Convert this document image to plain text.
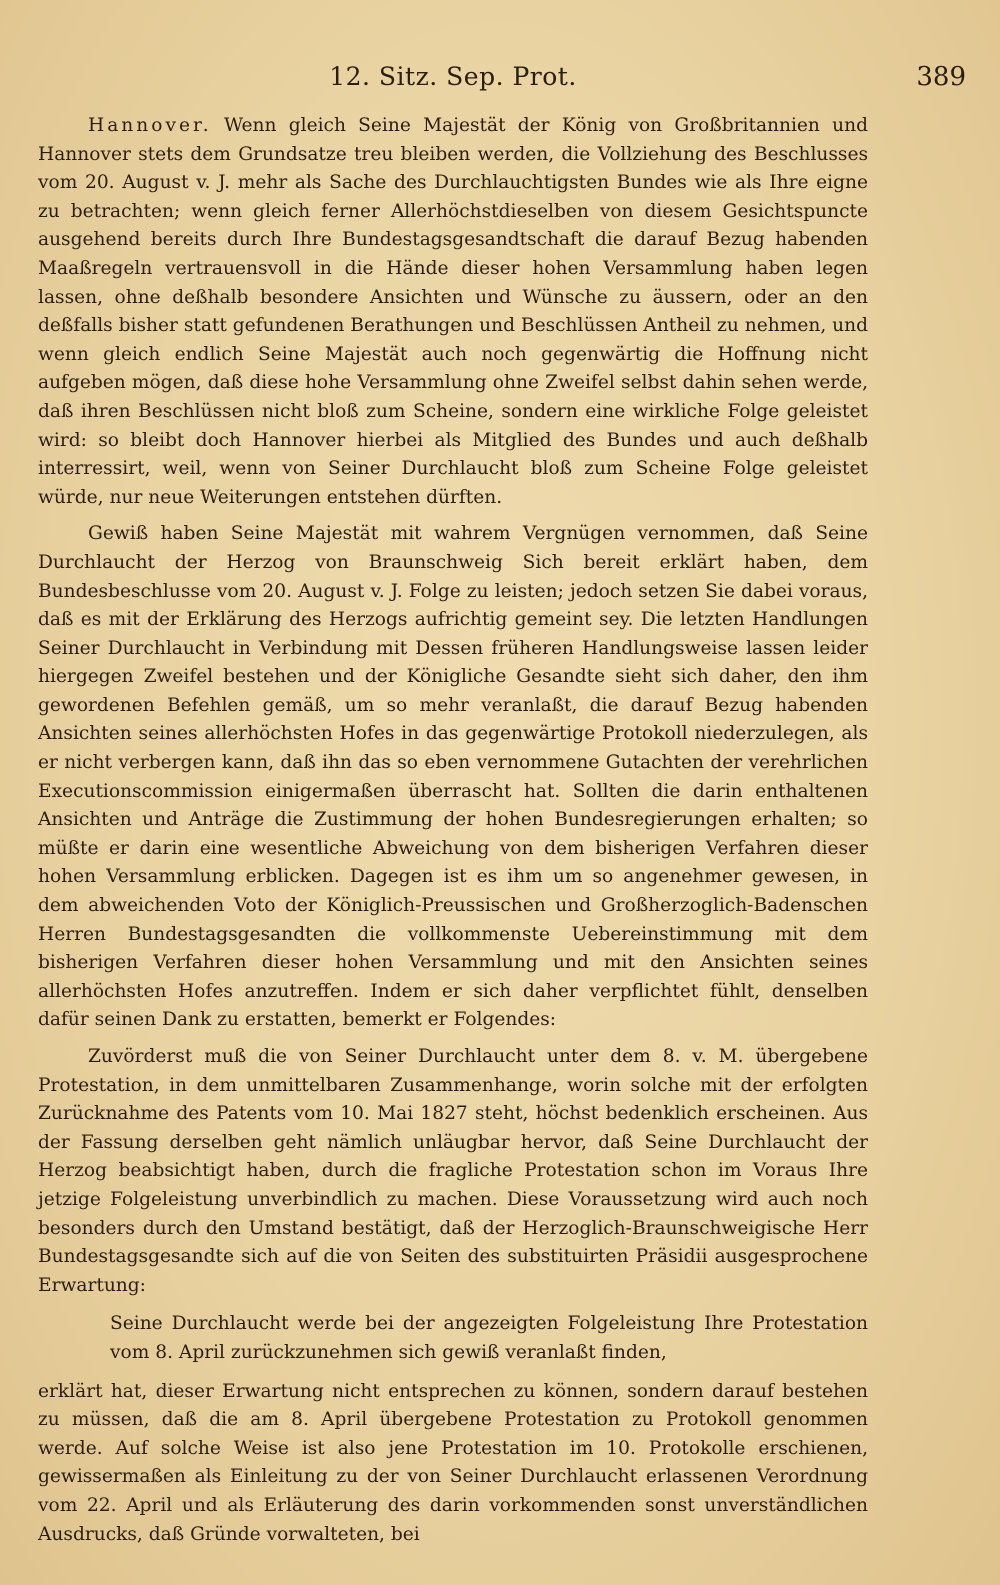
12. Sitz. Sep. Prot.	389

Hannover. Wenn gleich Seine Majestät der König von Großbritannien und Hannover stets dem Grundsatze treu bleiben werden, die Vollziehung des Beschlusses vom 20. August v. J. mehr als Sache des Durchlauchtigsten Bundes wie als Ihre eigne zu betrachten; wenn gleich ferner Allerhöchstdieselben von diesem Gesichtspuncte ausgehend bereits durch Ihre Bundestagsgesandtschaft die darauf Bezug habenden Maaßregeln vertrauensvoll in die Hände dieser hohen Versammlung haben legen lassen, ohne deßhalb besondere Ansichten und Wünsche zu äussern, oder an den deßfalls bisher statt gefundenen Berathungen und Beschlüssen Antheil zu nehmen, und wenn gleich endlich Seine Majestät auch noch gegenwärtig die Hoffnung nicht aufgeben mögen, daß diese hohe Versammlung ohne Zweifel selbst dahin sehen werde, daß ihren Beschlüssen nicht bloß zum Scheine, sondern eine wirkliche Folge geleistet wird: so bleibt doch Hannover hierbei als Mitglied des Bundes und auch deßhalb interressirt, weil, wenn von Seiner Durchlaucht bloß zum Scheine Folge geleistet würde, nur neue Weiterungen entstehen dürften.

Gewiß haben Seine Majestät mit wahrem Vergnügen vernommen, daß Seine Durchlaucht der Herzog von Braunschweig Sich bereit erklärt haben, dem Bundesbeschlusse vom 20. August v. J. Folge zu leisten; jedoch setzen Sie dabei voraus, daß es mit der Erklärung des Herzogs aufrichtig gemeint sey. Die letzten Handlungen Seiner Durchlaucht in Verbindung mit Dessen früheren Handlungsweise lassen leider hiergegen Zweifel bestehen und der Königliche Gesandte sieht sich daher, den ihm gewordenen Befehlen gemäß, um so mehr veranlaßt, die darauf Bezug habenden Ansichten seines allerhöchsten Hofes in das gegenwärtige Protokoll niederzulegen, als er nicht verbergen kann, daß ihn das so eben vernommene Gutachten der verehrlichen Executionscommission einigermaßen überrascht hat. Sollten die darin enthaltenen Ansichten und Anträge die Zustimmung der hohen Bundesregierungen erhalten; so müßte er darin eine wesentliche Abweichung von dem bisherigen Verfahren dieser hohen Versammlung erblicken. Dagegen ist es ihm um so angenehmer gewesen, in dem abweichenden Voto der Königlich-Preussischen und Großherzoglich-Badenschen Herren Bundestagsgesandten die vollkommenste Uebereinstimmung mit dem bisherigen Verfahren dieser hohen Versammlung und mit den Ansichten seines allerhöchsten Hofes anzutreffen. Indem er sich daher verpflichtet fühlt, denselben dafür seinen Dank zu erstatten, bemerkt er Folgendes:

Zuvörderst muß die von Seiner Durchlaucht unter dem 8. v. M. übergebene Protestation, in dem unmittelbaren Zusammenhange, worin solche mit der erfolgten Zurücknahme des Patents vom 10. Mai 1827 steht, höchst bedenklich erscheinen. Aus der Fassung derselben geht nämlich unläugbar hervor, daß Seine Durchlaucht der Herzog beabsichtigt haben, durch die fragliche Protestation schon im Voraus Ihre jetzige Folgeleistung unverbindlich zu machen. Diese Voraussetzung wird auch noch besonders durch den Umstand bestätigt, daß der Herzoglich-Braunschweigische Herr Bundestagsgesandte sich auf die von Seiten des substituirten Präsidii ausgesprochene Erwartung:

Seine Durchlaucht werde bei der angezeigten Folgeleistung Ihre Protestation vom 8. April zurückzunehmen sich gewiß veranlaßt finden,

erklärt hat, dieser Erwartung nicht entsprechen zu können, sondern darauf bestehen zu müssen, daß die am 8. April übergebene Protestation zu Protokoll genommen werde. Auf solche Weise ist also jene Protestation im 10. Protokolle erschienen, gewissermaßen als Einleitung zu der von Seiner Durchlaucht erlassenen Verordnung vom 22. April und als Erläuterung des darin vorkommenden sonst unverständlichen Ausdrucks, daß Gründe vorwalteten, bei
